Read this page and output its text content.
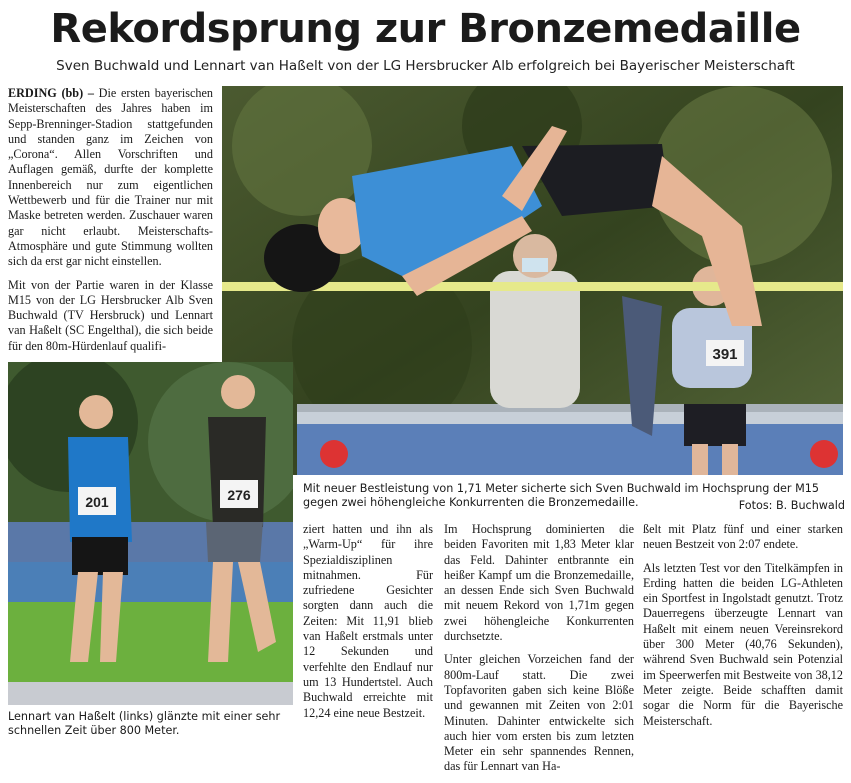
Rekordsprung zur Bronzemedaille

Sven Buchwald und Lennart van Haßelt von der LG Hersbrucker Alb erfolgreich bei Bayerischer Meisterschaft

ERDING (bb) – Die ersten bayerischen Meisterschaften des Jahres haben im Sepp-Brenninger-Stadion stattgefunden und standen ganz im Zeichen von „Corona“. Allen Vorschriften und Auflagen gemäß, durfte der komplette Innenbereich nur zum eigentlichen Wettbewerb und für die Trainer nur mit Maske betreten werden. Zuschauer waren gar nicht erlaubt. Meisterschafts-Atmosphäre und gute Stimmung wollten sich da erst gar nicht einstellen.

Mit von der Partie waren in der Klasse M15 von der LG Hersbrucker Alb Sven Buchwald (TV Hersbruck) und Lennart van Haßelt (SC Engelthal), die sich beide für den 80m-Hürdenlauf qualifi-

391
Mit neuer Bestleistung von 1,71 Meter sicherte sich Sven Buchwald im Hochsprung der M15 gegen zwei höhengleiche Konkurrenten die Bronzemedaille.	Fotos: B. Buchwald
201	276
Lennart van Haßelt (links) glänzte mit einer sehr schnellen Zeit über 800 Meter.

ziert hatten und ihn als „Warm-Up“ für ihre Spezialdisziplinen mitnahmen. Für zufriedene Gesichter sorgten dann auch die Zeiten: Mit 11,91 blieb van Haßelt erstmals unter 12 Sekunden und verfehlte den Endlauf nur um 13 Hundertstel. Auch Buchwald erreichte mit 12,24 eine neue Bestzeit.

Im Hochsprung dominierten die beiden Favoriten mit 1,83 Meter klar das Feld. Dahinter entbrannte ein heißer Kampf um die Bronzemedaille, an dessen Ende sich Sven Buchwald mit neuem Rekord von 1,71m gegen zwei höhengleiche Konkurrenten durchsetzte.

Unter gleichen Vorzeichen fand der 800m-Lauf statt. Die zwei Topfavoriten gaben sich keine Blöße und gewannen mit Zeiten von 2:01 Minuten. Dahinter entwickelte sich auch hier vom ersten bis zum letzten Meter ein sehr spannendes Rennen, das für Lennart van Ha-

ßelt mit Platz fünf und einer starken neuen Bestzeit von 2:07 endete.

Als letzten Test vor den Titelkämpfen in Erding hatten die beiden LG-Athleten ein Sportfest in Ingolstadt genutzt. Trotz Dauerregens überzeugte Lennart van Haßelt mit einem neuen Vereinsrekord über 300 Meter (40,76 Sekunden), während Sven Buchwald sein Potenzial im Speerwerfen mit Bestweite von 38,12 Meter zeigte. Beide schafften damit sogar die Norm für die Bayerische Meisterschaft.
